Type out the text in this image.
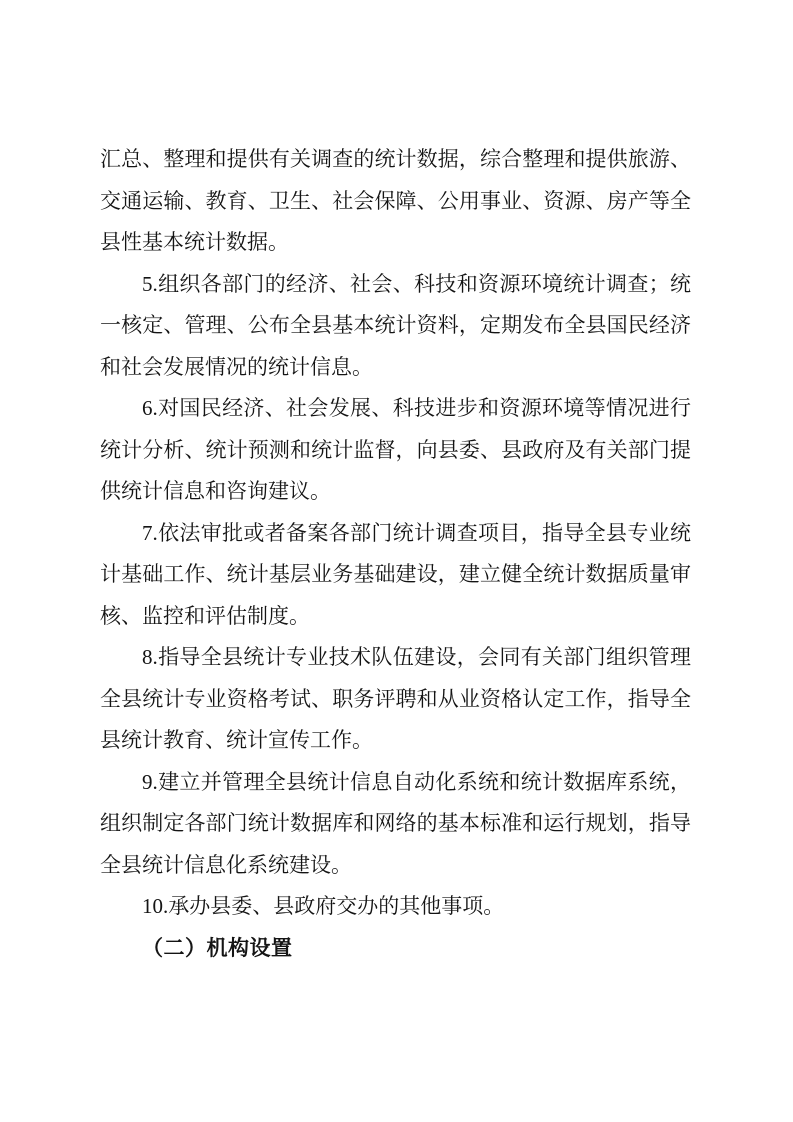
汇总、整理和提供有关调查的统计数据，综合整理和提供旅游、交通运输、教育、卫生、社会保障、公用事业、资源、房产等全县性基本统计数据。

5.组织各部门的经济、社会、科技和资源环境统计调查；统一核定、管理、公布全县基本统计资料，定期发布全县国民经济和社会发展情况的统计信息。

6.对国民经济、社会发展、科技进步和资源环境等情况进行统计分析、统计预测和统计监督，向县委、县政府及有关部门提供统计信息和咨询建议。

7.依法审批或者备案各部门统计调查项目，指导全县专业统计基础工作、统计基层业务基础建设，建立健全统计数据质量审核、监控和评估制度。

8.指导全县统计专业技术队伍建设，会同有关部门组织管理全县统计专业资格考试、职务评聘和从业资格认定工作，指导全县统计教育、统计宣传工作。

9.建立并管理全县统计信息自动化系统和统计数据库系统，组织制定各部门统计数据库和网络的基本标准和运行规划，指导全县统计信息化系统建设。

10.承办县委、县政府交办的其他事项。

（二）机构设置
